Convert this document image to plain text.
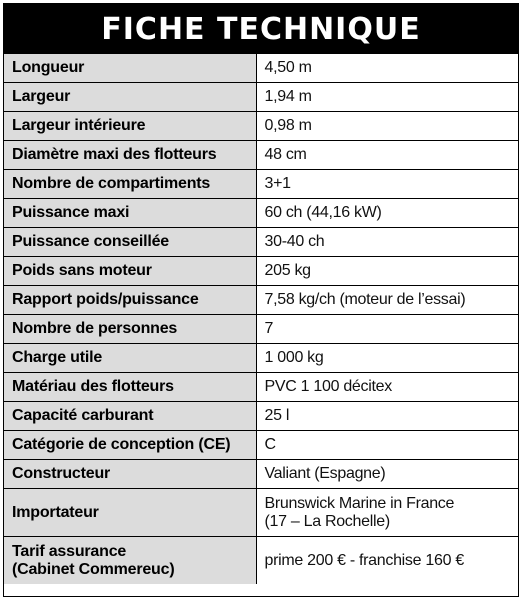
FICHE TECHNIQUE
Longueur	4,50 m
Largeur	1,94 m
Largeur intérieure	0,98 m
Diamètre maxi des flotteurs	48 cm
Nombre de compartiments	3+1
Puissance maxi	60 ch (44,16 kW)
Puissance conseillée	30-40 ch
Poids sans moteur	205 kg
Rapport poids/puissance	7,58 kg/ch (moteur de l’essai)
Nombre de personnes	7
Charge utile	1 000 kg
Matériau des flotteurs	PVC 1 100 décitex
Capacité carburant	25 l
Catégorie de conception (CE)	C
Constructeur	Valiant (Espagne)
Importateur	Brunswick Marine in France
(17 – La Rochelle)

Tarif assurance
(Cabinet Commereuc)	prime 200 € - franchise 160 €
